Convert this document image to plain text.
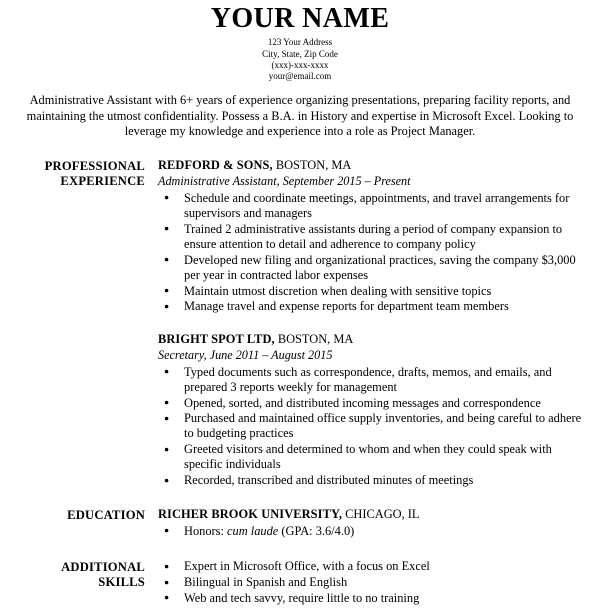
YOUR NAME
123 Your Address
City, State, Zip Code
(xxx)-xxx-xxxx
your@email.com
Administrative Assistant with 6+ years of experience organizing presentations, preparing facility reports, and maintaining the utmost confidentiality. Possess a B.A. in History and expertise in Microsoft Excel. Looking to leverage my knowledge and experience into a role as Project Manager.
PROFESSIONAL
EXPERIENCE
REDFORD & SONS, BOSTON, MA
Administrative Assistant, September 2015 – Present
● Schedule and coordinate meetings, appointments, and travel arrangements for supervisors and managers
● Trained 2 administrative assistants during a period of company expansion to ensure attention to detail and adherence to company policy
● Developed new filing and organizational practices, saving the company $3,000 per year in contracted labor expenses
● Maintain utmost discretion when dealing with sensitive topics
● Manage travel and expense reports for department team members
BRIGHT SPOT LTD, BOSTON, MA
Secretary, June 2011 – August 2015
● Typed documents such as correspondence, drafts, memos, and emails, and prepared 3 reports weekly for management
● Opened, sorted, and distributed incoming messages and correspondence
● Purchased and maintained office supply inventories, and being careful to adhere to budgeting practices
● Greeted visitors and determined to whom and when they could speak with specific individuals
● Recorded, transcribed and distributed minutes of meetings
EDUCATION RICHER BROOK UNIVERSITY, CHICAGO, IL
● Honors: cum laude (GPA: 3.6/4.0)
ADDITIONAL
SKILLS
● Expert in Microsoft Office, with a focus on Excel
● Bilingual in Spanish and English
● Web and tech savvy, require little to no training
